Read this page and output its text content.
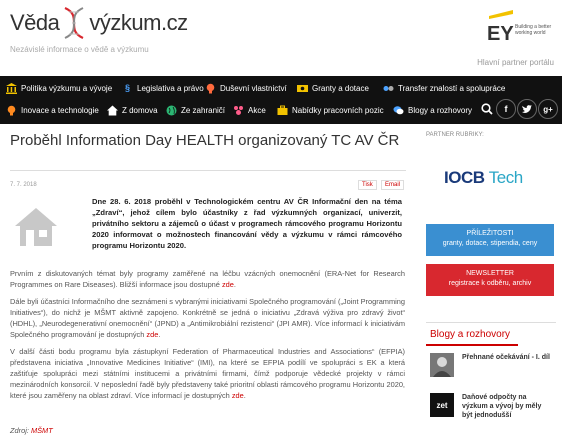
Věda výzkum.cz
Nezávislé informace o vědě a výzkumu
EY Building a better working world
Hlavní partner portálu
Politika výzkumu a vývoje	§ Legislativa a právo Duševní vlastnictví	Granty a dotace	Transfer znalostí a spolupráce
Inovace a technologie	Z domova	Ze zahraničí	Akce	Nabídky pracovních pozic	Blogy a rozhovory	f	g+
Proběhl Information Day HEALTH organizovaný TC AV ČR
7. 7. 2018	Tisk	Email

Dne 28. 6. 2018 proběhl v Technologickém centru AV ČR Informační den na téma „Zdraví“, jehož cílem bylo účastníky z řad výzkumných organizací, univerzit, privátního sektoru a zájemců o účast v programech rámcového programu Horizontu 2020 informovat o možnostech financování vědy a výzkumu v rámci rámcového programu Horizontu 2020.

Prvním z diskutovaných témat byly programy zaměřené na léčbu vzácných onemocnění (ERA-Net for Research Programmes on Rare Diseases). Bližší informace jsou dostupné zde.

Dále byli účastníci Informačního dne seznámeni s vybranými iniciativami Společného programování („Joint Programming Initiatives“), do nichž je MŠMT aktivně zapojeno. Konkrétně se jedná o iniciativu „Zdravá výživa pro zdravý život“ (HDHL), „Neurodegenerativní onemocnění“ (JPND) a „Antimikrobiální rezistenci“ (JPI AMR). Více informací k iniciativám Společného programování je dostupných zde.

V další části bodu programu byla zástupkyní Federation of Pharmaceutical Industries and Associations“ (EFPIA) představena iniciativa „Innovative Medicines Initiative“ (IMI), na které se EFPIA podílí ve spolupráci s EK a která zaštiťuje spolupráci mezi státními institucemi a privátními firmami, čímž podporuje vědecké projekty v rámci mezinárodních konsorcií. V neposlední řadě byly představeny také prioritní oblasti rámcového programu Horizontu 2020, které jsou zaměřeny na oblast zdraví. Více informací je dostupných zde.

Zdroj: MŠMT
PARTNER RUBRIKY:
IOCB Tech
PŘÍLEŽITOSTI
granty, dotace, stipendia, ceny
NEWSLETTER
registrace k odběru, archiv
Blogy a rozhovory
Přehnané očekávání - I. díl
zet
Daňové odpočty na výzkum a vývoj by měly být jednodušší
